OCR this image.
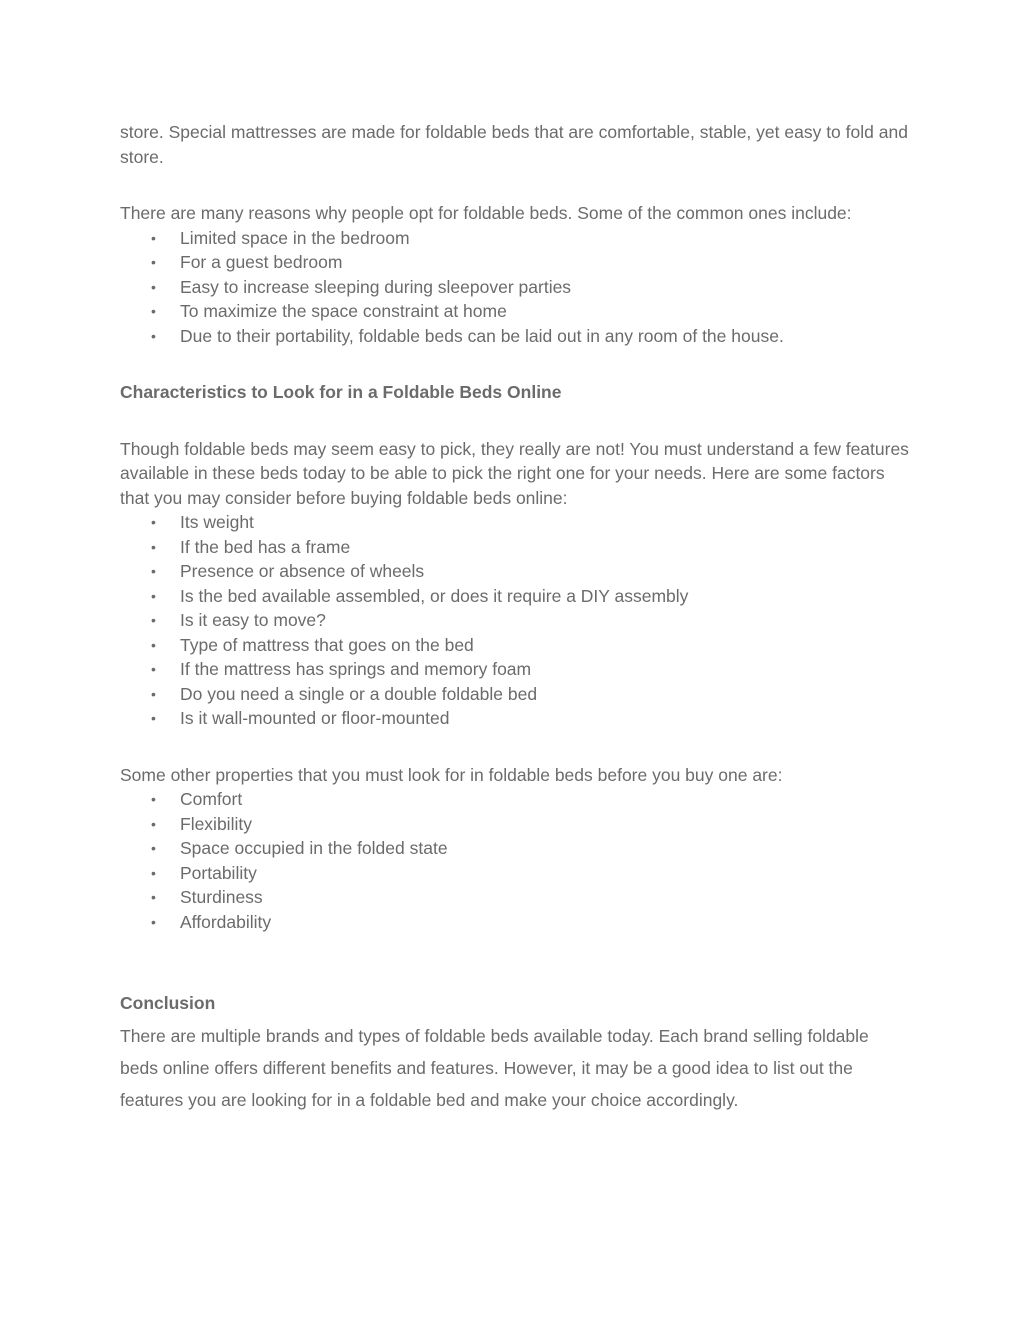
store. Special mattresses are made for foldable beds that are comfortable, stable, yet easy to fold and store.

There are many reasons why people opt for foldable beds. Some of the common ones include:

• Limited space in the bedroom
• For a guest bedroom
• Easy to increase sleeping during sleepover parties
• To maximize the space constraint at home
• Due to their portability, foldable beds can be laid out in any room of the house.
Characteristics to Look for in a Foldable Beds Online

Though foldable beds may seem easy to pick, they really are not! You must understand a few features available in these beds today to be able to pick the right one for your needs. Here are some factors that you may consider before buying foldable beds online:

• Its weight
• If the bed has a frame
• Presence or absence of wheels
• Is the bed available assembled, or does it require a DIY assembly
• Is it easy to move?
• Type of mattress that goes on the bed
• If the mattress has springs and memory foam
• Do you need a single or a double foldable bed
• Is it wall-mounted or floor-mounted

Some other properties that you must look for in foldable beds before you buy one are:

• Comfort
• Flexibility
• Space occupied in the folded state
• Portability
• Sturdiness
• Affordability
Conclusion

There are multiple brands and types of foldable beds available today. Each brand selling foldable beds online offers different benefits and features. However, it may be a good idea to list out the features you are looking for in a foldable bed and make your choice accordingly.
